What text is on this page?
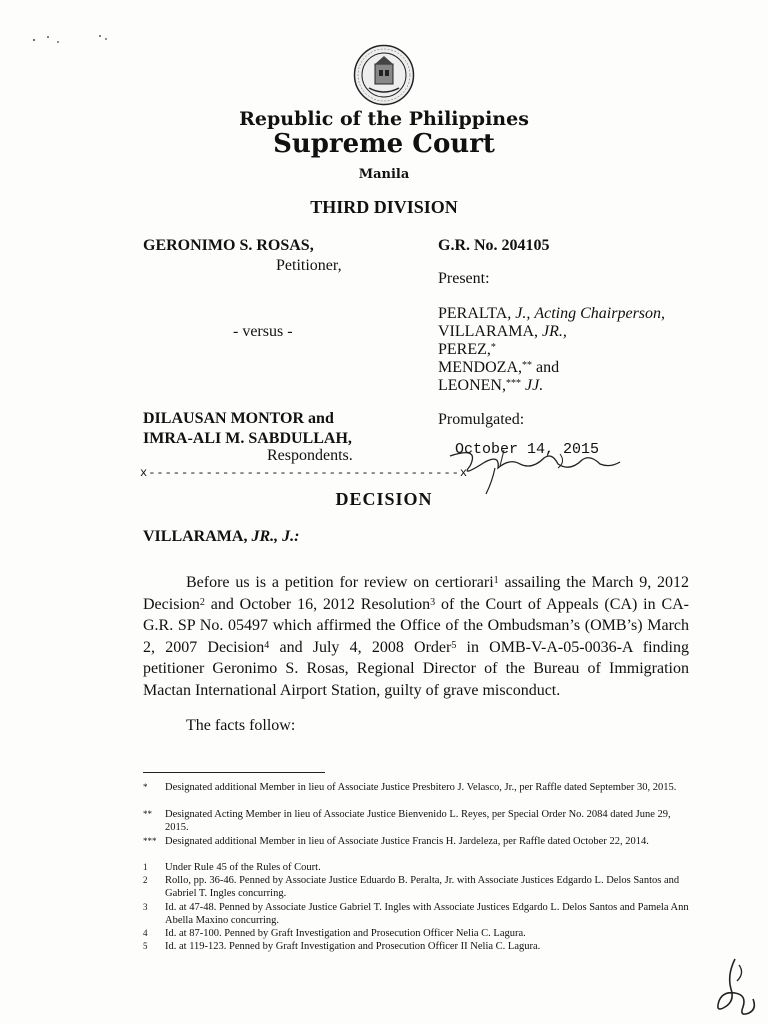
Republic of the Philippines
Supreme Court
Manila
THIRD DIVISION
GERONIMO S. ROSAS,
Petitioner,
- versus -
DILAUSAN MONTOR and
IMRA-ALI M. SABDULLAH,
Respondents.
G.R. No. 204105
Present:
PERALTA, J., Acting Chairperson,
VILLARAMA, JR.,
PEREZ,*
MENDOZA,** and
LEONEN,*** JJ.
Promulgated:
October 14, 2015
x--------------------------------------x
DECISION
VILLARAMA, JR., J.:
Before us is a petition for review on certiorari$^1$ assailing the March 9, 2012 Decision$^2$ and October 16, 2012 Resolution$^3$ of the Court of Appeals (CA) in CA-G.R. SP No. 05497 which affirmed the Office of the Ombudsman’s (OMB’s) March 2, 2007 Decision$^4$ and July 4, 2008 Order$^5$ in OMB-V-A-05-0036-A finding petitioner Geronimo S. Rosas, Regional Director of the Bureau of Immigration Mactan International Airport Station, guilty of grave misconduct.
The facts follow:
* Designated additional Member in lieu of Associate Justice Presbitero J. Velasco, Jr., per Raffle dated September 30, 2015.
** Designated Acting Member in lieu of Associate Justice Bienvenido L. Reyes, per Special Order No. 2084 dated June 29, 2015.
*** Designated additional Member in lieu of Associate Justice Francis H. Jardeleza, per Raffle dated October 22, 2014.
1 Under Rule 45 of the Rules of Court.
2 Rollo, pp. 36-46. Penned by Associate Justice Eduardo B. Peralta, Jr. with Associate Justices Edgardo L. Delos Santos and Gabriel T. Ingles concurring.
3 Id. at 47-48. Penned by Associate Justice Gabriel T. Ingles with Associate Justices Edgardo L. Delos Santos and Pamela Ann Abella Maxino concurring.
4 Id. at 87-100. Penned by Graft Investigation and Prosecution Officer Nelia C. Lagura.
5 Id. at 119-123. Penned by Graft Investigation and Prosecution Officer II Nelia C. Lagura.
